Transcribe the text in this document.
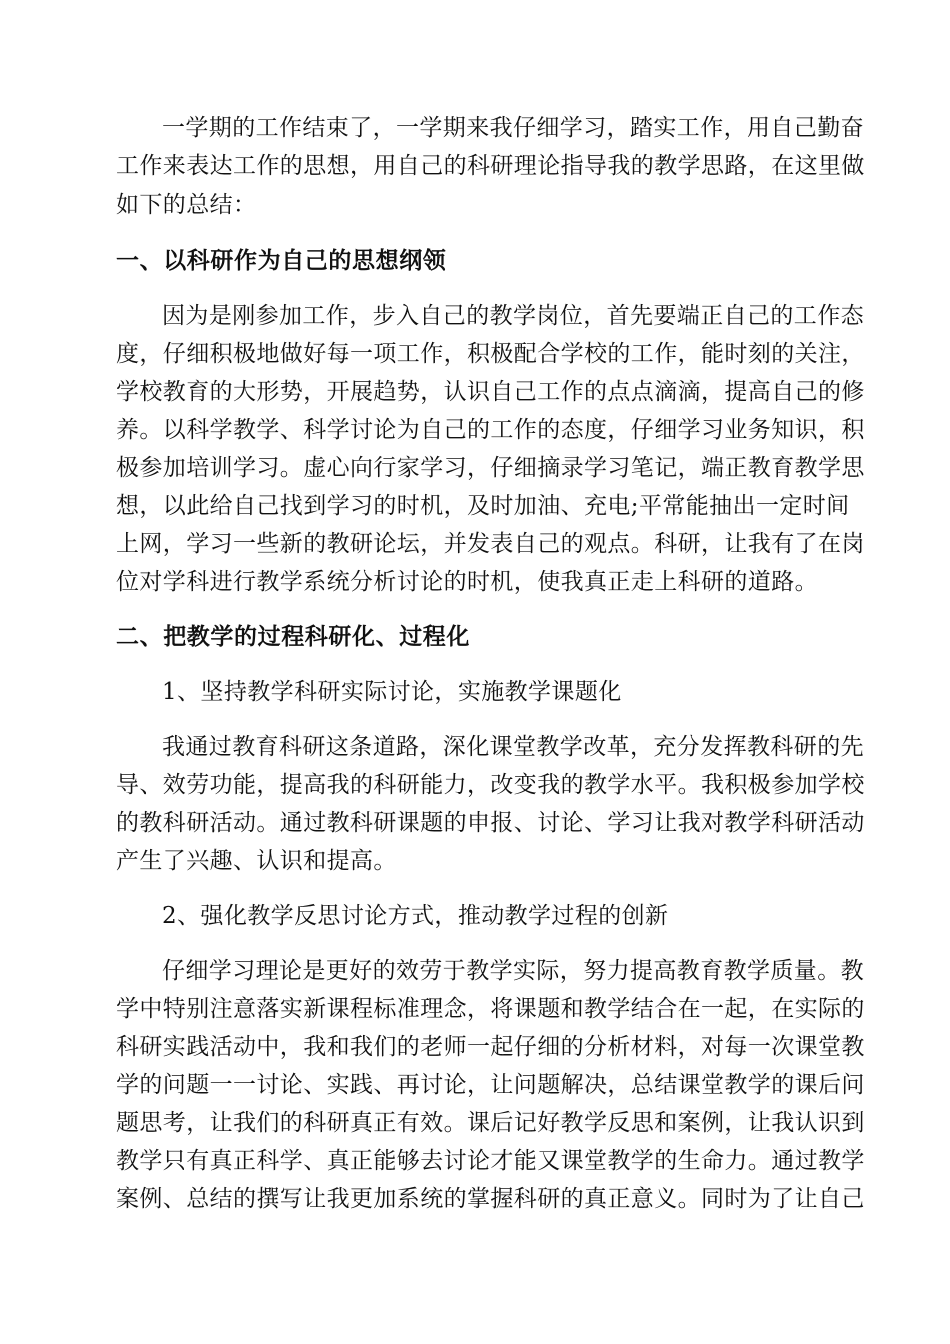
一学期的工作结束了，一学期来我仔细学习，踏实工作，用自己勤奋
工作来表达工作的思想，用自己的科研理论指导我的教学思路，在这里做
如下的总结：
一、以科研作为自己的思想纲领
因为是刚参加工作，步入自己的教学岗位，首先要端正自己的工作态
度，仔细积极地做好每一项工作，积极配合学校的工作，能时刻的关注，
学校教育的大形势，开展趋势，认识自己工作的点点滴滴，提高自己的修
养。以科学教学、科学讨论为自己的工作的态度，仔细学习业务知识，积
极参加培训学习。虚心向行家学习，仔细摘录学习笔记，端正教育教学思
想，以此给自己找到学习的时机，及时加油、充电;平常能抽出一定时间
上网，学习一些新的教研论坛，并发表自己的观点。科研，让我有了在岗
位对学科进行教学系统分析讨论的时机，使我真正走上科研的道路。
二、把教学的过程科研化、过程化
1、坚持教学科研实际讨论，实施教学课题化
我通过教育科研这条道路，深化课堂教学改革，充分发挥教科研的先
导、效劳功能，提高我的科研能力，改变我的教学水平。我积极参加学校
的教科研活动。通过教科研课题的申报、讨论、学习让我对教学科研活动
产生了兴趣、认识和提高。
2、强化教学反思讨论方式，推动教学过程的创新
仔细学习理论是更好的效劳于教学实际，努力提高教育教学质量。教
学中特别注意落实新课程标准理念，将课题和教学结合在一起，在实际的
科研实践活动中，我和我们的老师一起仔细的分析材料，对每一次课堂教
学的问题一一讨论、实践、再讨论，让问题解决，总结课堂教学的课后问
题思考，让我们的科研真正有效。课后记好教学反思和案例，让我认识到
教学只有真正科学、真正能够去讨论才能又课堂教学的生命力。通过教学
案例、总结的撰写让我更加系统的掌握科研的真正意义。同时为了让自己
